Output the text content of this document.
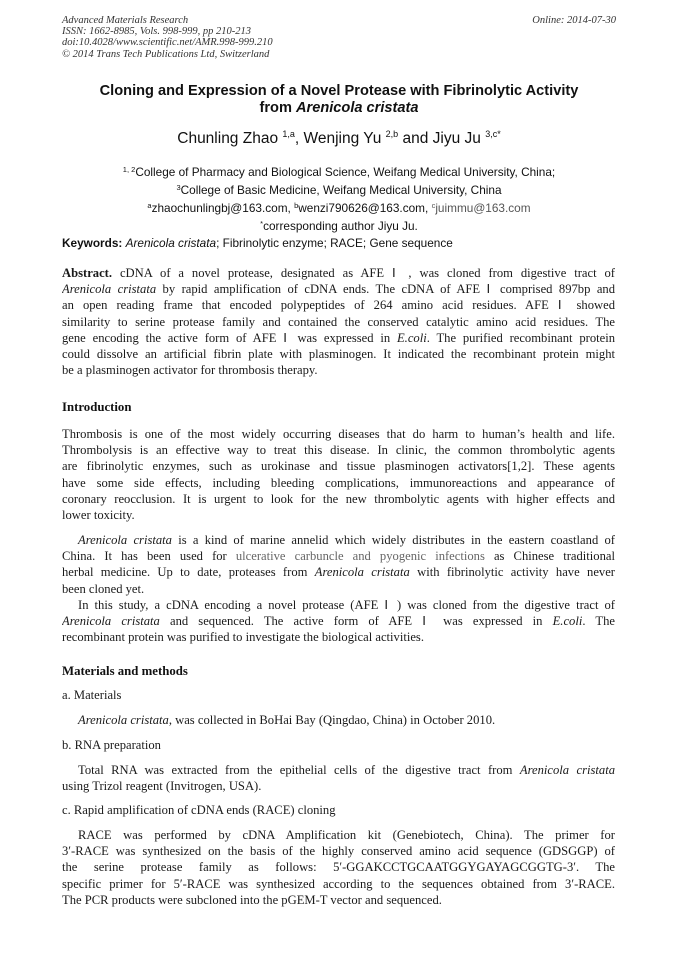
Advanced Materials Research
ISSN: 1662-8985, Vols. 998-999, pp 210-213
doi:10.4028/www.scientific.net/AMR.998-999.210
© 2014 Trans Tech Publications Ltd, Switzerland
Online: 2014-07-30
Cloning and Expression of a Novel Protease with Fibrinolytic Activity
from Arenicola cristata
Chunling Zhao $^{1,a}$, Wenjing Yu $^{2,b}$ and Jiyu Ju $^{3,c*}$
$^{1, 2}$College of Pharmacy and Biological Science, Weifang Medical University, China;
$^3$College of Basic Medicine, Weifang Medical University, China
$^a$zhaochunlingbj@163.com, $^b$wenzi790626@163.com, $^c$juimmu@163.com
*corresponding author Jiyu Ju.
Keywords: Arenicola cristata; Fibrinolytic enzyme; RACE; Gene sequence
Abstract. cDNA of a novel protease, designated as AFE Ⅰ , was cloned from digestive tract of
Arenicola cristata by rapid amplification of cDNA ends. The cDNA of AFE Ⅰ comprised 897bp and
an open reading frame that encoded polypeptides of 264 amino acid residues. AFE Ⅰ showed
similarity to serine protease family and contained the conserved catalytic amino acid residues. The
gene encoding the active form of AFE Ⅰ was expressed in E.coli. The purified recombinant protein
could dissolve an artificial fibrin plate with plasminogen. It indicated the recombinant protein might
be a plasminogen activator for thrombosis therapy.
Introduction
Thrombosis is one of the most widely occurring diseases that do harm to human’s health and life.
Thrombolysis is an effective way to treat this disease. In clinic, the common thrombolytic agents
are fibrinolytic enzymes, such as urokinase and tissue plasminogen activators[1,2]. These agents
have some side effects, including bleeding complications, immunoreactions and appearance of
coronary reocclusion. It is urgent to look for the new thrombolytic agents with higher effects and
lower toxicity.
Arenicola cristata is a kind of marine annelid which widely distributes in the eastern coastland of
China. It has been used for ulcerative carbuncle and pyogenic infections as Chinese traditional
herbal medicine. Up to date, proteases from Arenicola cristata with fibrinolytic activity have never
been cloned yet.
In this study, a cDNA encoding a novel protease (AFE Ⅰ ) was cloned from the digestive tract of
Arenicola cristata and sequenced. The active form of AFE Ⅰ was expressed in E.coli. The
recombinant protein was purified to investigate the biological activities.
Materials and methods
a. Materials
Arenicola cristata, was collected in BoHai Bay (Qingdao, China) in October 2010.
b. RNA preparation
Total RNA was extracted from the epithelial cells of the digestive tract from Arenicola cristata
using Trizol reagent (Invitrogen, USA).
c. Rapid amplification of cDNA ends (RACE) cloning
RACE was performed by cDNA Amplification kit (Genebiotech, China). The primer for
3′-RACE was synthesized on the basis of the highly conserved amino acid sequence (GDSGGP) of
the serine protease family as follows: 5′-GGAKCCTGCAATGGYGAYAGCGGTG-3′. The
specific primer for 5′-RACE was synthesized according to the sequences obtained from 3′-RACE.
The PCR products were subcloned into the pGEM-T vector and sequenced.
